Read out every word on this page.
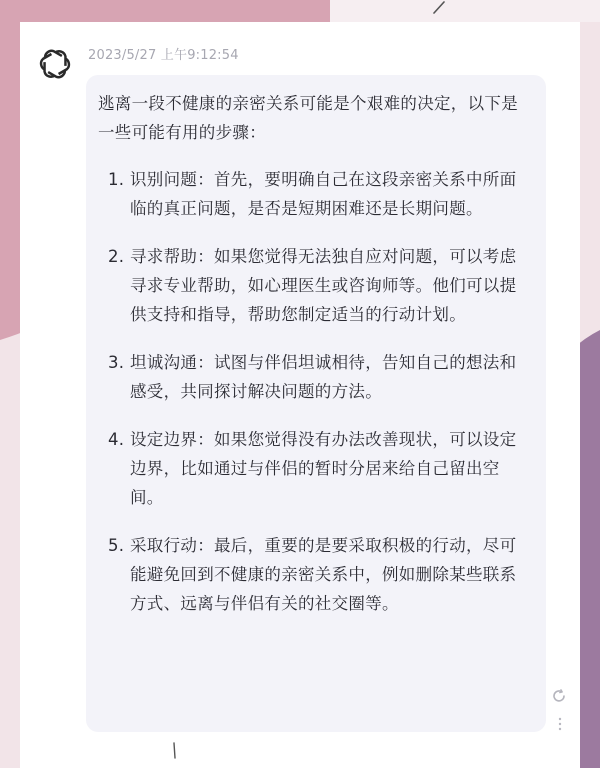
2023/5/27 上午9:12:54

逃离一段不健康的亲密关系可能是个艰难的决定，以下是一些可能有用的步骤：

1. 识别问题：首先，要明确自己在这段亲密关系中所面临的真正问题，是否是短期困难还是长期问题。
2. 寻求帮助：如果您觉得无法独自应对问题，可以考虑寻求专业帮助，如心理医生或咨询师等。他们可以提供支持和指导，帮助您制定适当的行动计划。
3. 坦诚沟通：试图与伴侣坦诚相待，告知自己的想法和感受，共同探讨解决问题的方法。
4. 设定边界：如果您觉得没有办法改善现状，可以设定边界，比如通过与伴侣的暂时分居来给自己留出空间。
5. 采取行动：最后，重要的是要采取积极的行动，尽可能避免回到不健康的亲密关系中，例如删除某些联系方式、远离与伴侣有关的社交圈等。
